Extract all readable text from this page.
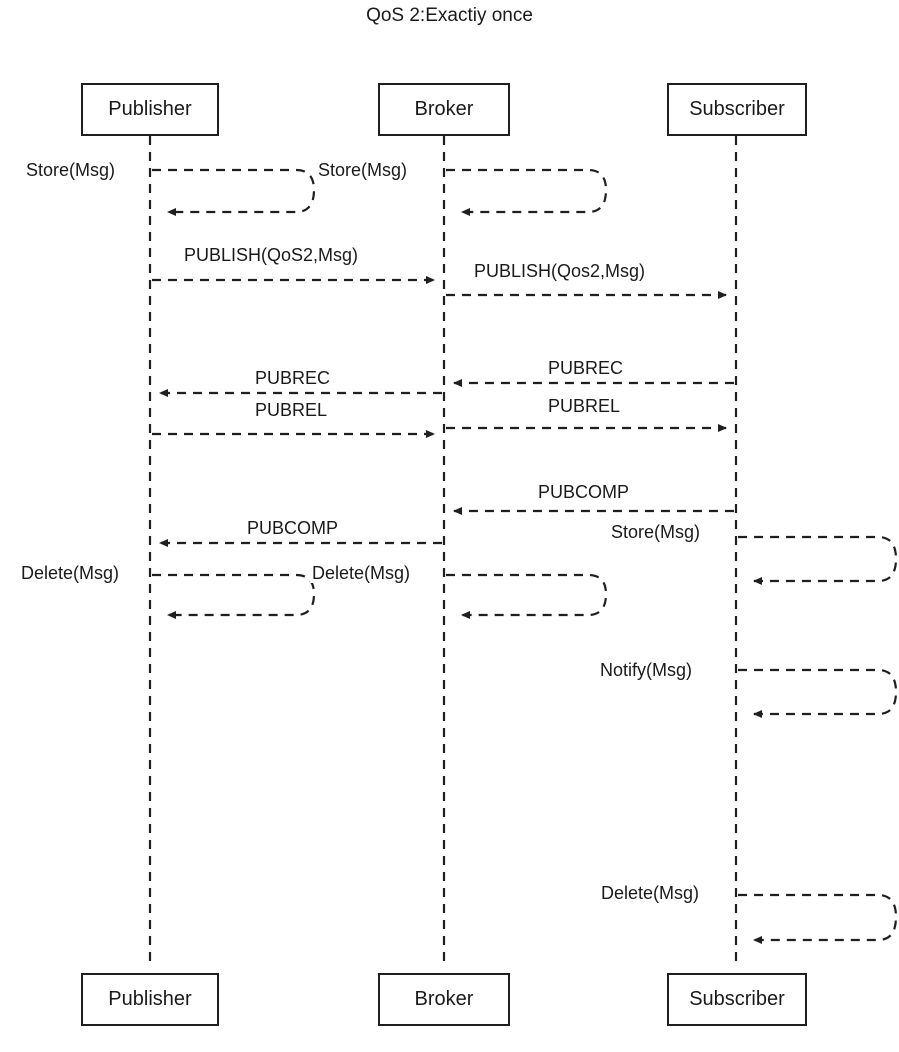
QoS 2:Exactiy once
Publisher	Broker	Subscriber
Publisher	Broker	Subscriber
Store(Msg)	Store(Msg)
PUBLISH(QoS2,Msg)
PUBLISH(Qos2,Msg)
PUBREC	PUBREC
PUBREL	PUBREL
PUBCOMP
PUBCOMP	Store(Msg)
Delete(Msg)	Delete(Msg)
Notify(Msg)
Delete(Msg)
